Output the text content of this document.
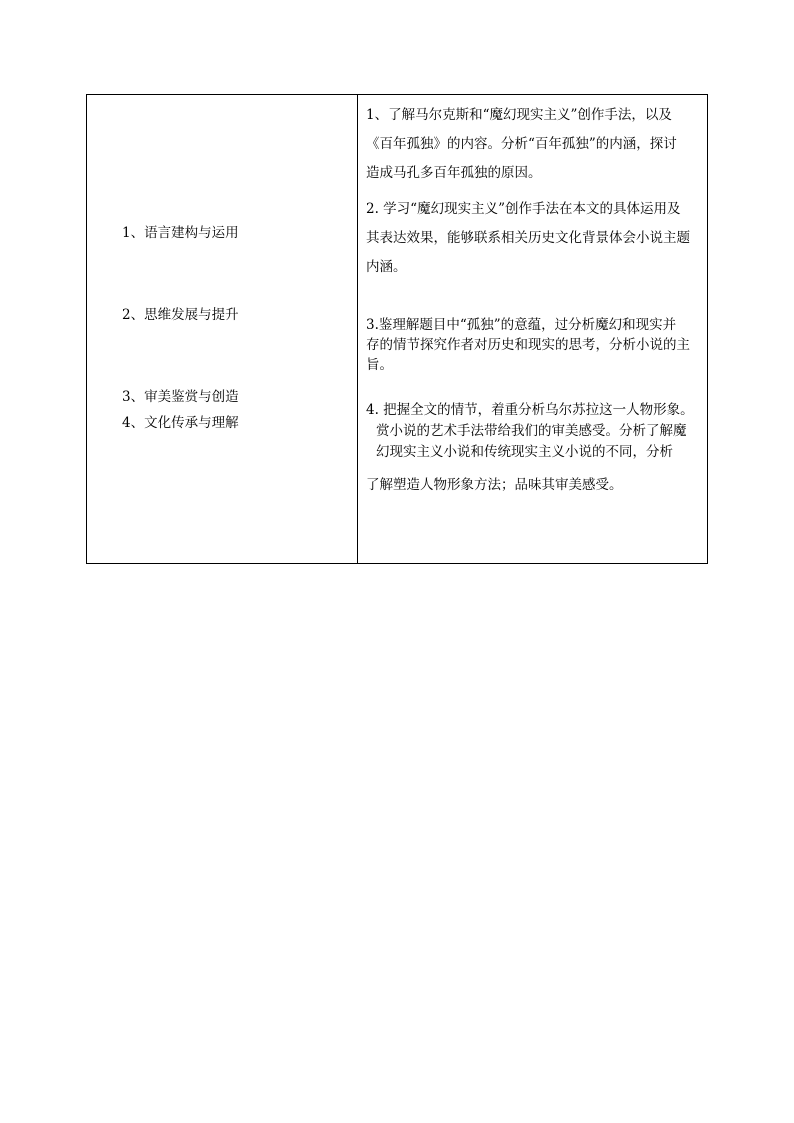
1、语言建构与运用
2、思维发展与提升
3、审美鉴赏与创造
4、文化传承与理解
1、了解马尔克斯和“魔幻现实主义”创作手法，以及
《百年孤独》的内容。分析“百年孤独”的内涵，探讨
造成马孔多百年孤独的原因。
2. 学习“魔幻现实主义”创作手法在本文的具体运用及
其表达效果，能够联系相关历史文化背景体会小说主题
内涵。
3.鉴理解题目中“孤独”的意蕴，过分析魔幻和现实并
存的情节探究作者对历史和现实的思考，分析小说的主
旨。
4. 把握全文的情节，着重分析乌尔苏拉这一人物形象。
赏小说的艺术手法带给我们的审美感受。分析了解魔
幻现实主义小说和传统现实主义小说的不同，分析
了解塑造人物形象方法；品味其审美感受。
